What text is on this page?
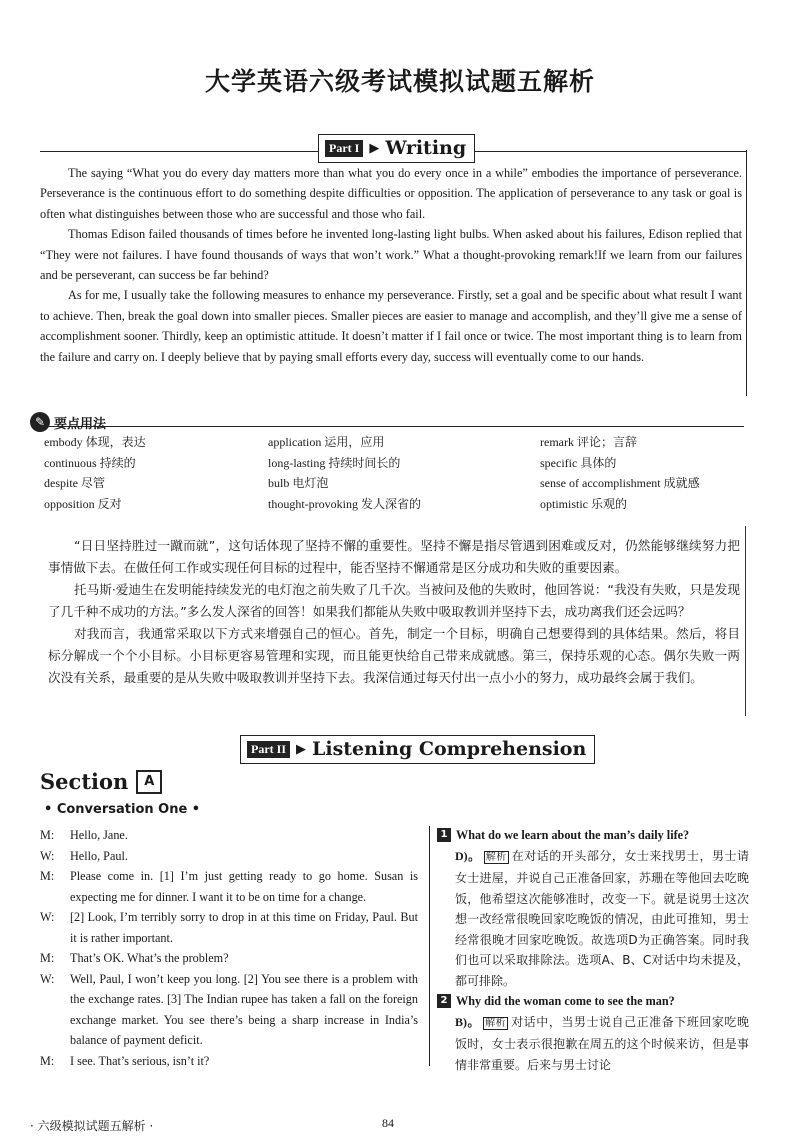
大学英语六级考试模拟试题五解析
Part I ▶ Writing

The saying “What you do every day matters more than what you do every once in a while” embodies the importance of perseverance. Perseverance is the continuous effort to do something despite difficulties or opposition. The application of perseverance to any task or goal is often what distinguishes between those who are successful and those who fail.

Thomas Edison failed thousands of times before he invented long-lasting light bulbs. When asked about his failures, Edison replied that “They were not failures. I have found thousands of ways that won’t work.” What a thought-provoking remark!If we learn from our failures and be perseverant, can success be far behind?

As for me, I usually take the following measures to enhance my perseverance. Firstly, set a goal and be specific about what result I want to achieve. Then, break the goal down into smaller pieces. Smaller pieces are easier to manage and accomplish, and they’ll give me a sense of accomplishment sooner. Thirdly, keep an optimistic attitude. It doesn’t matter if I fail once or twice. The most important thing is to learn from the failure and carry on. I deeply believe that by paying small efforts every day, success will eventually come to our hands.

✎ 要点用法
embody 体现，表达	application 运用，应用	remark 评论；言辞
continuous 持续的	long-lasting 持续时间长的	specific 具体的
despite 尽管	bulb 电灯泡	sense of accomplishment 成就感
opposition 反对	thought-provoking 发人深省的	optimistic 乐观的

“日日坚持胜过一蹴而就”，这句话体现了坚持不懈的重要性。坚持不懈是指尽管遇到困难或反对，仍然能够继续努力把事情做下去。在做任何工作或实现任何目标的过程中，能否坚持不懈通常是区分成功和失败的重要因素。

托马斯·爱迪生在发明能持续发光的电灯泡之前失败了几千次。当被问及他的失败时，他回答说：“我没有失败，只是发现了几千种不成功的方法。”多么发人深省的回答！如果我们都能从失败中吸取教训并坚持下去，成功离我们还会远吗？

对我而言，我通常采取以下方式来增强自己的恒心。首先，制定一个目标，明确自己想要得到的具体结果。然后，将目标分解成一个个小目标。小目标更容易管理和实现，而且能更快给自己带来成就感。第三，保持乐观的心态。偶尔失败一两次没有关系，最重要的是从失败中吸取教训并坚持下去。我深信通过每天付出一点小小的努力，成功最终会属于我们。

Part II ▶ Listening Comprehension
Section	A
• Conversation One •
M:	Hello, Jane.
W:	Hello, Paul.
M:	Please come in. [1] I’m just getting ready to go home. Susan is expecting me for dinner. I want it to be on time for a change.
W:	[2] Look, I’m terribly sorry to drop in at this time on Friday, Paul. But it is rather important.
M:	That’s OK. What’s the problem?
W:	Well, Paul, I won’t keep you long. [2] You see there is a problem with the exchange rates. [3] The Indian rupee has taken a fall on the foreign exchange market. You see there’s being a sharp increase in India’s balance of payment deficit.
M:	I see. That’s serious, isn’t it?
1 What do we learn about the man’s daily life?
D)。 解析 在对话的开头部分，女士来找男士，男士请女士进屋，并说自己正准备回家，苏珊在等他回去吃晚饭，他希望这次能够准时，改变一下。就是说男士这次想一改经常很晚回家吃晚饭的情况，由此可推知，男士经常很晚才回家吃晚饭。故选项D为正确答案。同时我们也可以采取排除法。选项A、B、C对话中均未提及，都可排除。
2 Why did the woman come to see the man?
B)。 解析 对话中，当男士说自己正准备下班回家吃晚饭时，女士表示很抱歉在周五的这个时候来访，但是事情非常重要。后来与男士讨论
· 六级模拟试题五解析 ·	84
